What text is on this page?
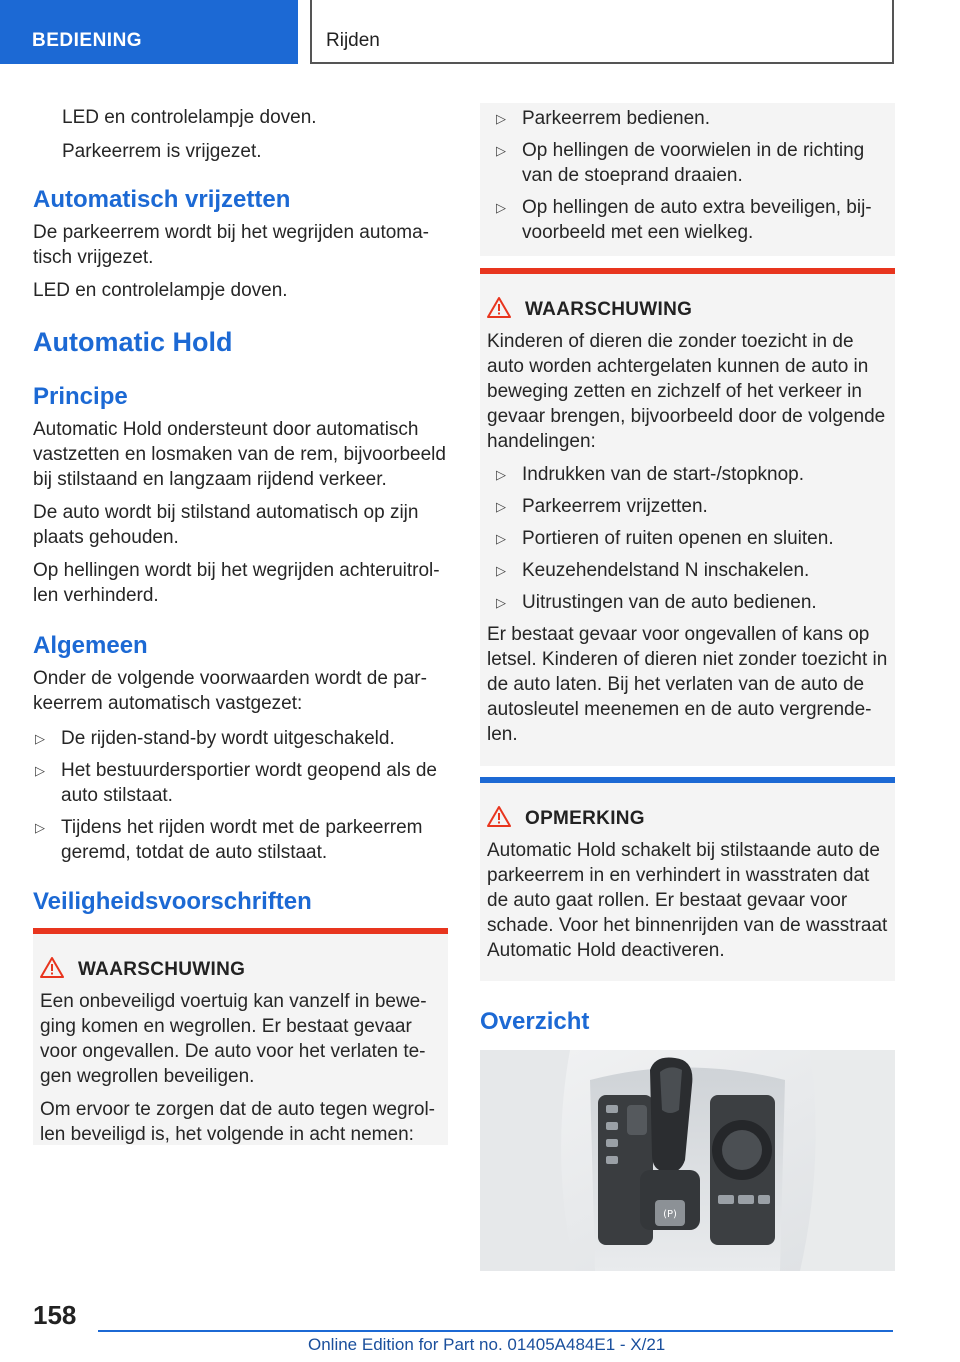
BEDIENING	Rijden

LED en controlelampje doven.

Parkeerrem is vrijgezet.

Automatisch vrijzetten

De parkeerrem wordt bij het wegrijden automa-tisch vrijgezet.

LED en controlelampje doven.

Automatic Hold
Principe

Automatic Hold ondersteunt door automatisch vastzetten en losmaken van de rem, bijvoorbeeld bij stilstaand en langzaam rijdend verkeer.

De auto wordt bij stilstand automatisch op zijn plaats gehouden.

Op hellingen wordt bij het wegrijden achteruitrol-len verhinderd.

Algemeen

Onder de volgende voorwaarden wordt de par-keerrem automatisch vastgezet:

▷ De rijden-stand-by wordt uitgeschakeld.
▷ Het bestuurdersportier wordt geopend als de auto stilstaat.
▷ Tijdens het rijden wordt met de parkeerrem geremd, totdat de auto stilstaat.
Veiligheidsvoorschriften
WAARSCHUWING

Een onbeveiligd voertuig kan vanzelf in bewe-ging komen en wegrollen. Er bestaat gevaar voor ongevallen. De auto voor het verlaten te-gen wegrollen beveiligen.

Om ervoor te zorgen dat de auto tegen wegrol-len beveiligd is, het volgende in acht nemen:

▷ Parkeerrem bedienen.
▷ Op hellingen de voorwielen in de richting van de stoeprand draaien.
▷ Op hellingen de auto extra beveiligen, bij-voorbeeld met een wielkeg.
WAARSCHUWING

Kinderen of dieren die zonder toezicht in de auto worden achtergelaten kunnen de auto in beweging zetten en zichzelf of het verkeer in gevaar brengen, bijvoorbeeld door de volgende handelingen:

▷ Indrukken van de start-/stopknop.
▷ Parkeerrem vrijzetten.
▷ Portieren of ruiten openen en sluiten.
▷ Keuzehendelstand N inschakelen.
▷ Uitrustingen van de auto bedienen.

Er bestaat gevaar voor ongevallen of kans op letsel. Kinderen of dieren niet zonder toezicht in de auto laten. Bij het verlaten van de auto de autosleutel meenemen en de auto vergrende-len.

OPMERKING

Automatic Hold schakelt bij stilstaande auto de parkeerrem in en verhindert in wasstraten dat de auto gaat rollen. Er bestaat gevaar voor schade. Voor het binnenrijden van de wasstraat Automatic Hold deactiveren.

Overzicht
(P)
158
Online Edition for Part no. 01405A484E1 - X/21
